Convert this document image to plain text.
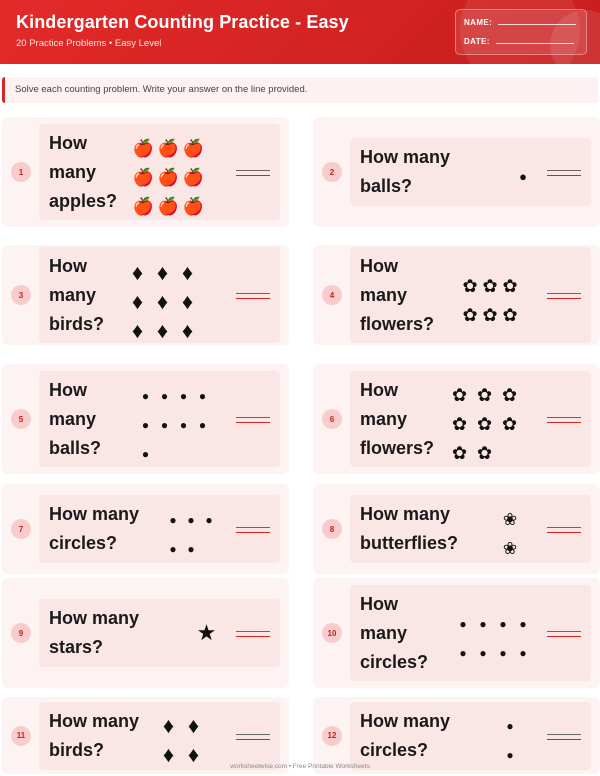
Kindergarten Counting Practice - Easy
20 Practice Problems • Easy Level
NAME:
DATE:
Solve each counting problem. Write your answer on the line provided.
1
How
many
apples?
🍎 🍎 🍎
🍎 🍎 🍎
🍎 🍎 🍎
2
How many
balls?	●
3
How
many
birds?
♦ ♦ ♦
♦ ♦ ♦
♦ ♦ ♦
4
How
many
flowers?
✿ ✿ ✿
✿ ✿ ✿
5
How
many
balls?
● ● ● ●
● ● ● ●
●
6
How
many
flowers?
✿ ✿ ✿
✿ ✿ ✿
✿ ✿
7
How many
circles?
● ● ●
● ●
8
How many
butterflies?
❀
❀
9
How many
stars?
★	10
How
many
circles?
●	●	●	●
●	●	●	●
11
How many
birds?
♦ ♦
♦ ♦
12
How many
circles?
●
●
worksheetwise.com • Free Printable Worksheets
